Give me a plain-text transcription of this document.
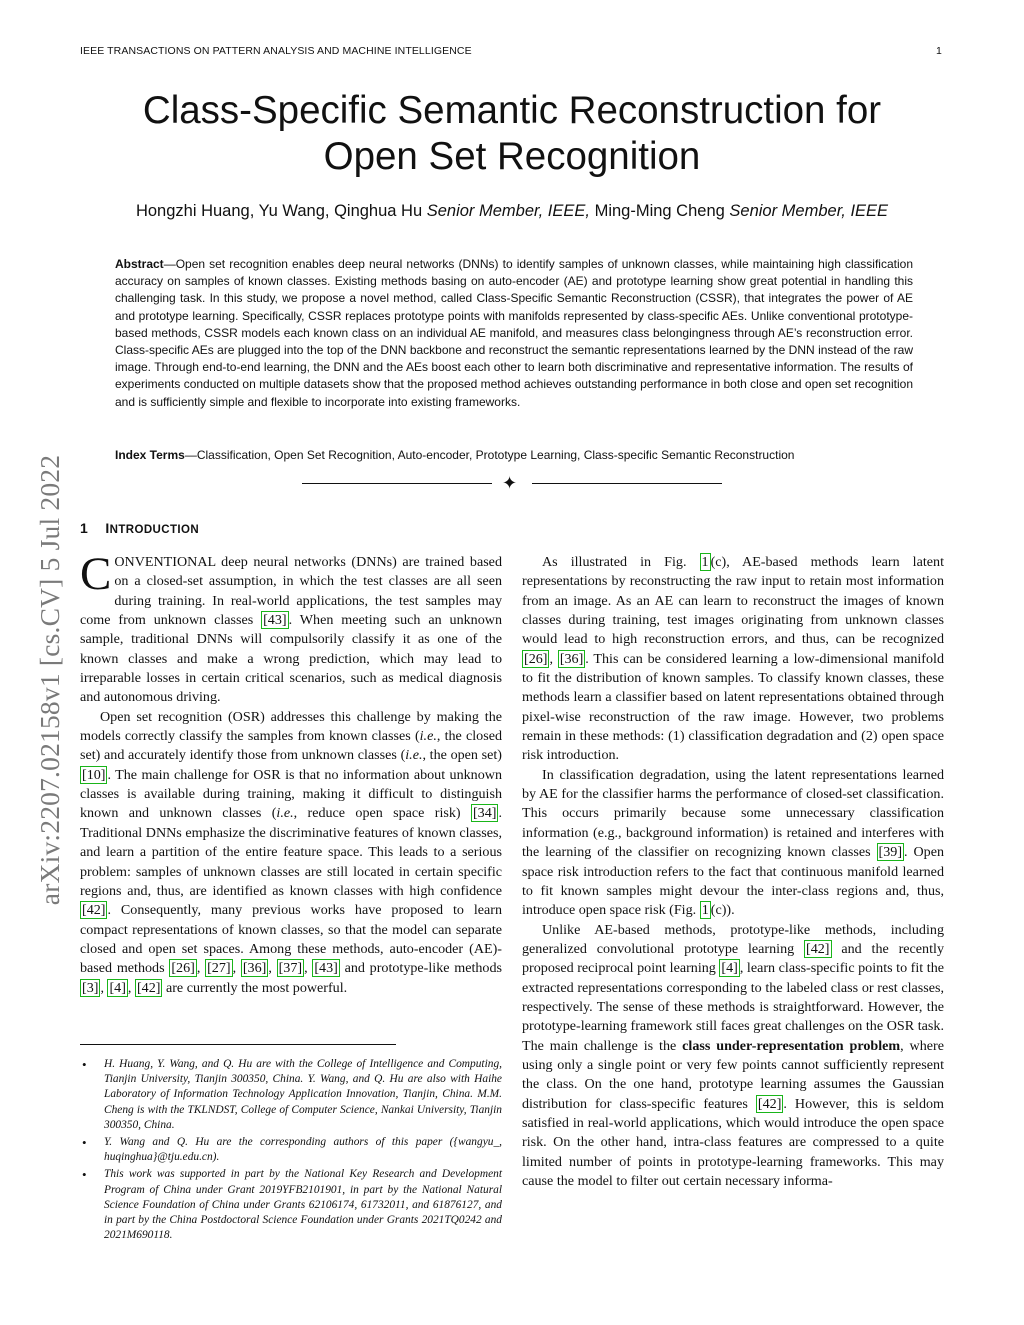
IEEE TRANSACTIONS ON PATTERN ANALYSIS AND MACHINE INTELLIGENCE	1
Class-Specific Semantic Reconstruction for
Open Set Recognition
Hongzhi Huang, Yu Wang, Qinghua Hu Senior Member, IEEE, Ming-Ming Cheng Senior Member, IEEE

Abstract—Open set recognition enables deep neural networks (DNNs) to identify samples of unknown classes, while maintaining high classification accuracy on samples of known classes. Existing methods basing on auto-encoder (AE) and prototype learning show great potential in handling this challenging task. In this study, we propose a novel method, called Class-Specific Semantic Reconstruction (CSSR), that integrates the power of AE and prototype learning. Specifically, CSSR replaces prototype points with manifolds represented by class-specific AEs. Unlike conventional prototype-based methods, CSSR models each known class on an individual AE manifold, and measures class belongingness through AE’s reconstruction error. Class-specific AEs are plugged into the top of the DNN backbone and reconstruct the semantic representations learned by the DNN instead of the raw image. Through end-to-end learning, the DNN and the AEs boost each other to learn both discriminative and representative information. The results of experiments conducted on multiple datasets show that the proposed method achieves outstanding performance in both close and open set recognition and is sufficiently simple and flexible to incorporate into existing frameworks.

Index Terms—Classification, Open Set Recognition, Auto-encoder, Prototype Learning, Class-specific Semantic Reconstruction

✦
arXiv:2207.02158v1 [cs.CV] 5 Jul 2022 1 INTRODUCTION

CONVENTIONAL deep neural networks (DNNs) are trained based on a closed-set assumption, in which the test classes are all seen during training. In real-world applications, the test samples may come from unknown classes [43] . When meeting such an unknown sample, traditional DNNs will compulsorily classify it as one of the known classes and make a wrong prediction, which may lead to irreparable losses in certain critical scenarios, such as medical diagnosis and autonomous driving.

Open set recognition (OSR) addresses this challenge by making the models correctly classify the samples from known classes (i.e., the closed set) and accurately identify those from unknown classes (i.e., the open set) [10] . The main challenge for OSR is that no information about unknown classes is available during training, making it difficult to distinguish known and unknown classes (i.e., reduce open space risk) [34] . Traditional DNNs emphasize the discriminative features of known classes, and learn a partition of the entire feature space. This leads to a serious problem: samples of unknown classes are still located in certain specific regions and, thus, are identified as known classes with high confidence [42] . Consequently, many previous works have proposed to learn compact representations of known classes, so that the model can separate closed and open set spaces. Among these methods, auto-encoder (AE)-based methods [26] , [27] , [36] , [37] , [43] and prototype-like methods [3] , [4] , [42] are currently the most powerful.

• H. Huang, Y. Wang, and Q. Hu are with the College of Intelligence and Computing, Tianjin University, Tianjin 300350, China. Y. Wang, and Q. Hu are also with Haihe Laboratory of Information Technology Application Innovation, Tianjin, China. M.M. Cheng is with the TKLNDST, College of Computer Science, Nankai University, Tianjin 300350, China.
• Y. Wang and Q. Hu are the corresponding authors of this paper ({wangyu_, huqinghua}@tju.edu.cn).
• This work was supported in part by the National Key Research and Development Program of China under Grant 2019YFB2101901, in part by the National Natural Science Foundation of China under Grants 62106174, 61732011, and 61876127, and in part by the China Postdoctoral Science Foundation under Grants 2021TQ0242 and 2021M690118.

As illustrated in Fig. 1 (c), AE-based methods learn latent representations by reconstructing the raw input to retain most information from an image. As an AE can learn to reconstruct the images of known classes during training, test images originating from unknown classes would lead to high reconstruction errors, and thus, can be recognized [26] , [36] . This can be considered learning a low-dimensional manifold to fit the distribution of known samples. To classify known classes, these methods learn a classifier based on latent representations obtained through pixel-wise reconstruction of the raw image. However, two problems remain in these methods: (1) classification degradation and (2) open space risk introduction.

In classification degradation, using the latent representations learned by AE for the classifier harms the performance of closed-set classification. This occurs primarily because some unnecessary classification information (e.g., background information) is retained and interferes with the learning of the classifier on recognizing known classes [39] . Open space risk introduction refers to the fact that continuous manifold learned to fit known samples might devour the inter-class regions and, thus, introduce open space risk (Fig. 1 (c)).

Unlike AE-based methods, prototype-like methods, including generalized convolutional prototype learning [42] and the recently proposed reciprocal point learning [4] , learn class-specific points to fit the extracted representations corresponding to the labeled class or rest classes, respectively. The sense of these methods is straightforward. However, the prototype-learning framework still faces great challenges on the OSR task. The main challenge is the class under-representation problem, where using only a single point or very few points cannot sufficiently represent the class. On the one hand, prototype learning assumes the Gaussian distribution for class-specific features [42] . However, this is seldom satisfied in real-world applications, which would introduce the open space risk. On the other hand, intra-class features are compressed to a quite limited number of points in prototype-learning frameworks. This may cause the model to filter out certain necessary informa-
